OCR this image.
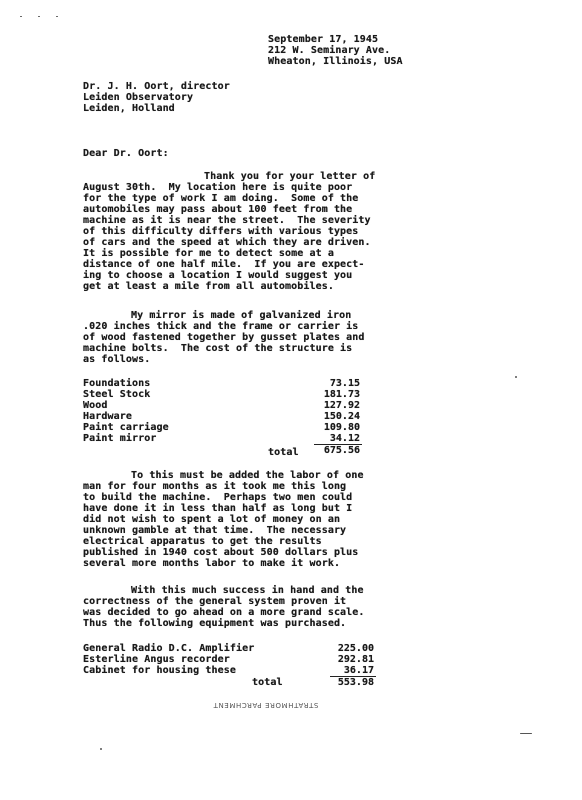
September 17, 1945
212 W. Seminary Ave.
Wheaton, Illinois, USA
Dr. J. H. Oort, director
Leiden Observatory
Leiden, Holland
Dear Dr. Oort:
Thank you for your letter of
August 30th.  My location here is quite poor
for the type of work I am doing.  Some of the
automobiles may pass about 100 feet from the
machine as it is near the street.  The severity
of this difficulty differs with various types
of cars and the speed at which they are driven.
It is possible for me to detect some at a
distance of one half mile.  If you are expect-
ing to choose a location I would suggest you
get at least a mile from all automobiles.
My mirror is made of galvanized iron
.020 inches thick and the frame or carrier is
of wood fastened together by gusset plates and
machine bolts.  The cost of the structure is
as follows.
Foundations	73.15
Steel Stock	181.73
Wood	127.92
Hardware	150.24
Paint carriage	109.80
Paint mirror	34.12
total	675.56
To this must be added the labor of one
man for four months as it took me this long
to build the machine.  Perhaps two men could
have done it in less than half as long but I
did not wish to spent a lot of money on an
unknown gamble at that time.  The necessary
electrical apparatus to get the results
published in 1940 cost about 500 dollars plus
several more months labor to make it work.
With this much success in hand and the
correctness of the general system proven it
was decided to go ahead on a more grand scale.
Thus the following equipment was purchased.
General Radio D.C. Amplifier	225.00
Esterline Angus recorder	292.81
Cabinet for housing these	36.17
total	553.98
STRATHMORE PARCHMENT
